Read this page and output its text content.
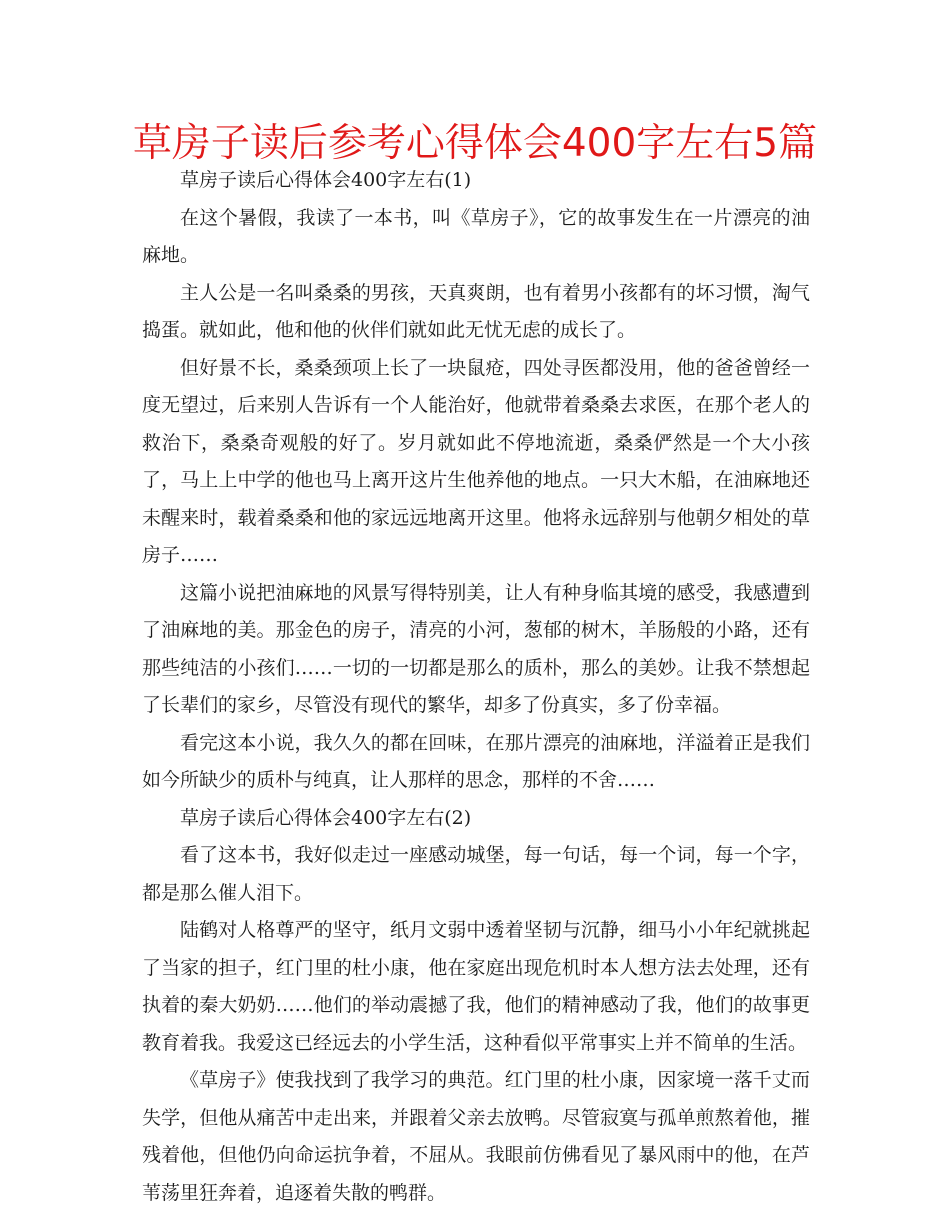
草房子读后参考心得体会400字左右5篇

草房子读后心得体会400字左右(1)

在这个暑假，我读了一本书，叫《草房子》，它的故事发生在一片漂亮的油麻地。

主人公是一名叫桑桑的男孩，天真爽朗，也有着男小孩都有的坏习惯，淘气捣蛋。就如此，他和他的伙伴们就如此无忧无虑的成长了。

但好景不长，桑桑颈项上长了一块鼠疮，四处寻医都没用，他的爸爸曾经一度无望过，后来别人告诉有一个人能治好，他就带着桑桑去求医，在那个老人的救治下，桑桑奇观般的好了。岁月就如此不停地流逝，桑桑俨然是一个大小孩了，马上上中学的他也马上离开这片生他养他的地点。一只大木船，在油麻地还未醒来时，载着桑桑和他的家远远地离开这里。他将永远辞别与他朝夕相处的草房子……

这篇小说把油麻地的风景写得特别美，让人有种身临其境的感受，我感遭到了油麻地的美。那金色的房子，清亮的小河，葱郁的树木，羊肠般的小路，还有那些纯洁的小孩们……一切的一切都是那么的质朴，那么的美妙。让我不禁想起了长辈们的家乡，尽管没有现代的繁华，却多了份真实，多了份幸福。

看完这本小说，我久久的都在回味，在那片漂亮的油麻地，洋溢着正是我们如今所缺少的质朴与纯真，让人那样的思念，那样的不舍……

草房子读后心得体会400字左右(2)

看了这本书，我好似走过一座感动城堡，每一句话，每一个词，每一个字，都是那么催人泪下。

陆鹤对人格尊严的坚守，纸月文弱中透着坚韧与沉静，细马小小年纪就挑起了当家的担子，红门里的杜小康，他在家庭出现危机时本人想方法去处理，还有执着的秦大奶奶……他们的举动震撼了我，他们的精神感动了我，他们的故事更教育着我。我爱这已经远去的小学生活，这种看似平常事实上并不简单的生活。

《草房子》使我找到了我学习的典范。红门里的杜小康，因家境一落千丈而失学，但他从痛苦中走出来，并跟着父亲去放鸭。尽管寂寞与孤单煎熬着他，摧残着他，但他仍向命运抗争着，不屈从。我眼前仿佛看见了暴风雨中的他，在芦苇荡里狂奔着，追逐着失散的鸭群。
